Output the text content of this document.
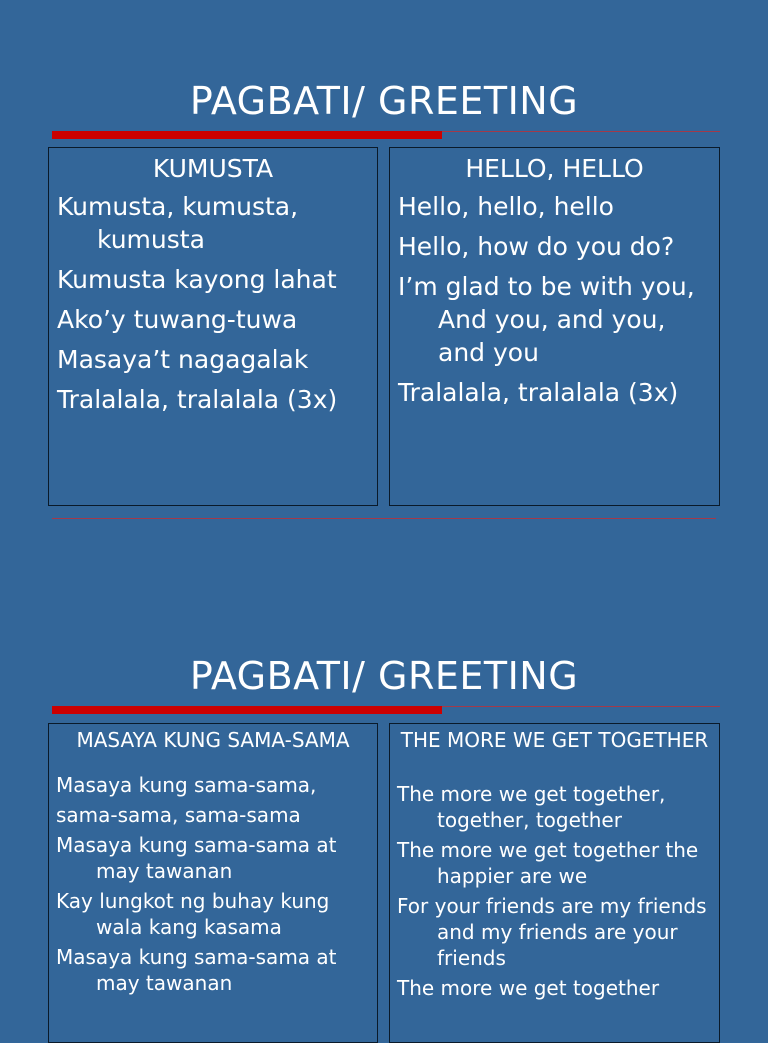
PAGBATI/ GREETING
KUMUSTA
Kumusta, kumusta, kumusta
Kumusta kayong lahat
Ako’y tuwang-tuwa
Masaya’t nagagalak
Tralalala, tralalala (3x)
HELLO, HELLO
Hello, hello, hello
Hello, how do you do?
I’m glad to be with you, And you, and you, and you
Tralalala, tralalala (3x)
PAGBATI/ GREETING
MASAYA KUNG SAMA-SAMA
Masaya kung sama-sama,
sama-sama, sama-sama
Masaya kung sama-sama at may tawanan
Kay lungkot ng buhay kung wala kang kasama
Masaya kung sama-sama at may tawanan
THE MORE WE GET TOGETHER
The more we get together, together, together
The more we get together the happier are we
For your friends are my friends and my friends are your friends
The more we get together
